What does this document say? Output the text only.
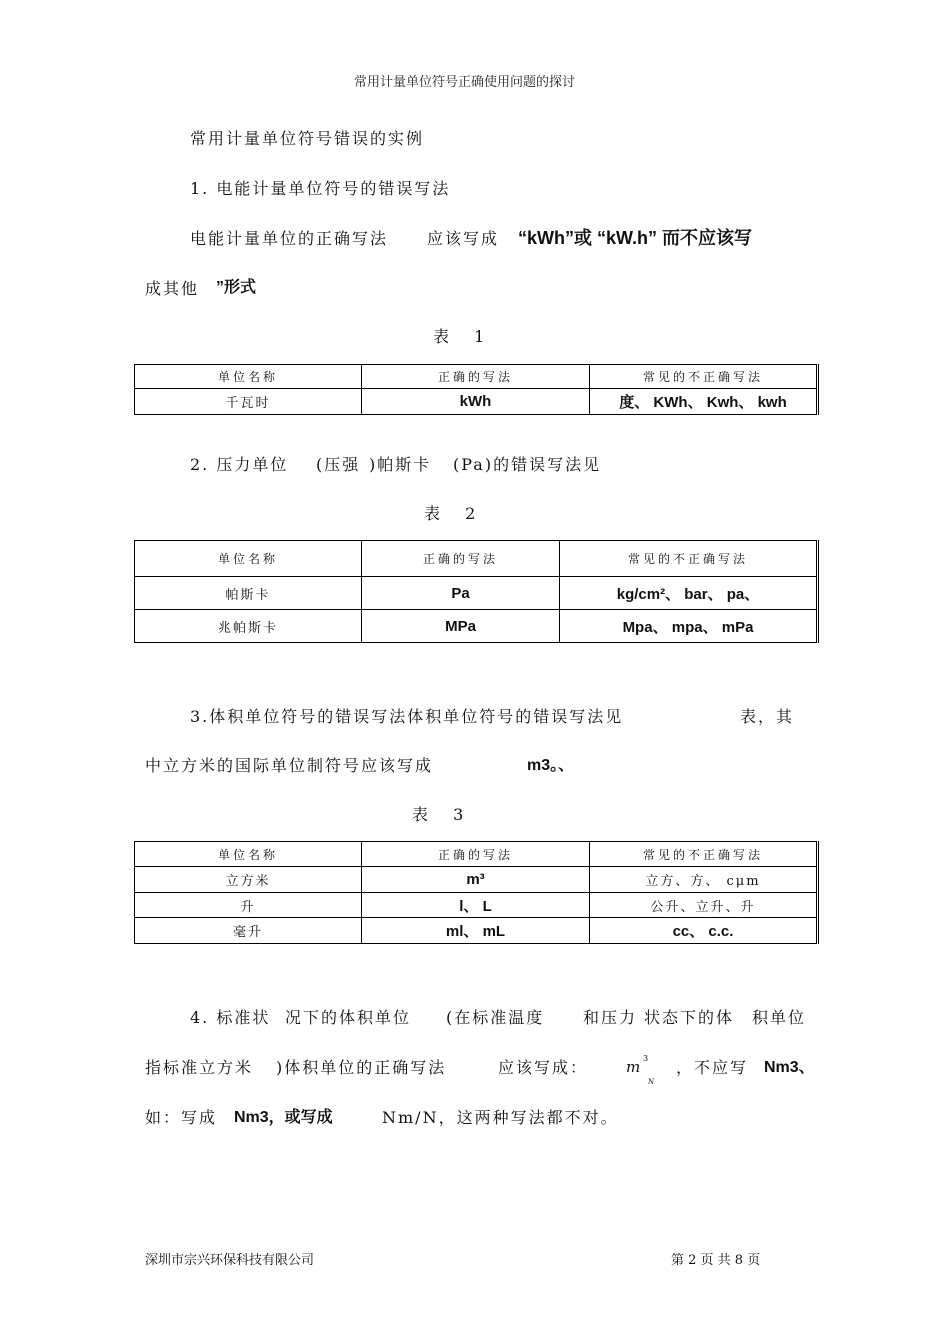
常用计量单位符号正确使用问题的探讨
常用计量单位符号错误的实例
1. 电能计量单位符号的错误写法
电能计量单位的正确写法 应该写成 “kWh”或 “kW.h” 而不应该写
成其他 ”形式
表 1
单位名称	正确的写法	常见的不正确写法
千瓦时	kWh	度、 KWh、 Kwh、 kwh
2. 压力单位 (压强 )帕斯卡 (Pa)的错误写法见
表 2
单位名称	正确的写法	常见的不正确写法
帕斯卡	Pa	kg/cm²、 bar、 pa、
兆帕斯卡	MPa	Mpa、 mpa、 mPa
3.体积单位符号的错误写法体积单位符号的错误写法见	表，其
中立方米的国际单位制符号应该写成	m3。、
表 3
单位名称	正确的写法	常见的不正确写法
立方米	m³	立方、方、 cμm
升	l、 L	公升、立升、升
毫升	ml、 mL	cc、 c.c.
4. 标准状 况下的体积单位 (在标准温度 和压力 状态下的体 积单位
指标准立方米 )体积单位的正确写法	应该写成：	m 3
N
，不应写 Nm3、
如：写成 Nm3，或写成	Nm/N，这两种写法都不对。
深圳市宗兴环保科技有限公司	第 2 页 共 8 页
